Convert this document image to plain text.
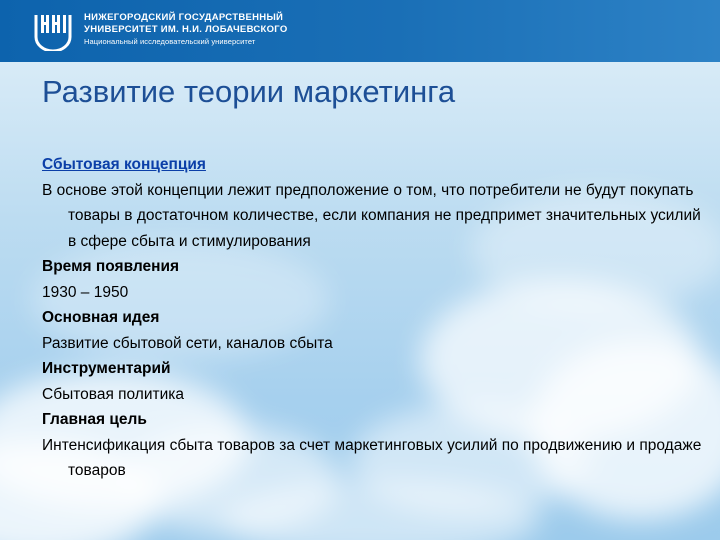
НИЖЕГОРОДСКИЙ ГОСУДАРСТВЕННЫЙ
УНИВЕРСИТЕТ ИМ. Н.И. ЛОБАЧЕВСКОГО
Национальный исследовательский университет
Развитие теории маркетинга

Сбытовая концепция

В основе этой концепции лежит предположение о том, что потребители не будут покупать товары в достаточном количестве, если компания не предпримет значительных усилий в сфере сбыта и стимулирования

Время появления

1930 – 1950

Основная идея

Развитие сбытовой сети, каналов сбыта

Инструментарий

Сбытовая политика

Главная цель

Интенсификация сбыта товаров за счет маркетинговых усилий по продвижению и продаже товаров
